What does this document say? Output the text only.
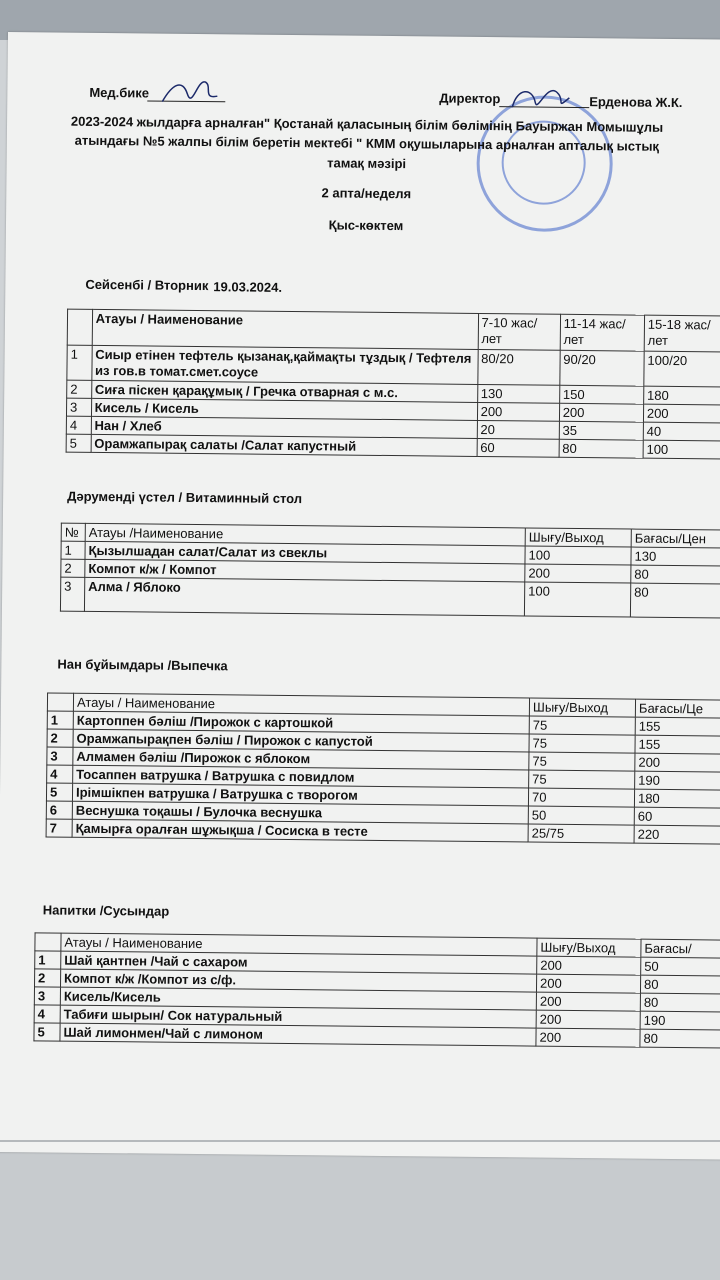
Мед.бике	Директор	Ерденова Ж.К.
2023-2024 жылдарға арналған" Қостанай қаласының білім бөлімінің Бауыржан Момышұлы
атындағы №5 жалпы білім беретін мектебі " КММ оқушыларына арналған апталық ыстық
тамақ мәзірі
2 апта/неделя
Қыс-көктем
Сейсенбі / Вторник 19.03.2024.
	Атауы / Наименование	7-10 жас/ лет	11-14 жас/ лет	15-18 жас/ лет
1	Сиыр етінен тефтель қызанақ,қаймақты тұздық / Тефтеля из гов.в томат.смет.соусе	80/20	90/20	100/20
2	Сиға піскен қарақұмық / Гречка отварная с м.с.	130	150	180
3	Кисель / Кисель	200	200	200
4	Нан / Хлеб	20	35	40
5	Орамжапырақ салаты /Салат капустный	60	80	100
Дәруменді үстел / Витаминный стол
№	Атауы /Наименование	Шығу/Выход	Бағасы/Цен
1	Қызылшадан салат/Салат из свеклы	100	130
2	Компот к/ж / Компот	200	80
3	Алма / Яблоко	100	80
Нан бұйымдары /Выпечка
	Атауы / Наименование	Шығу/Выход	Бағасы/Це
1	Картоппен бәліш /Пирожок с картошкой	75	155
2	Орамжапырақпен бәліш / Пирожок с капустой	75	155
3	Алмамен бәліш /Пирожок с яблоком	75	200
4	Тосаппен ватрушка / Ватрушка с повидлом	75	190
5	Ірімшікпен ватрушка / Ватрушка с творогом	70	180
6	Веснушка тоқашы / Булочка веснушка	50	60
7	Қамырға оралған шұжықша / Сосиска в тесте	25/75	220
Напитки /Сусындар
	Атауы / Наименование	Шығу/Выход	Бағасы/
1	Шай қантпен /Чай с сахаром	200	50
2	Компот к/ж /Компот из с/ф.	200	80
3	Кисель/Кисель	200	80
4	Табиғи шырын/ Сок натуральный	200	190
5	Шай лимонмен/Чай с лимоном	200	80
